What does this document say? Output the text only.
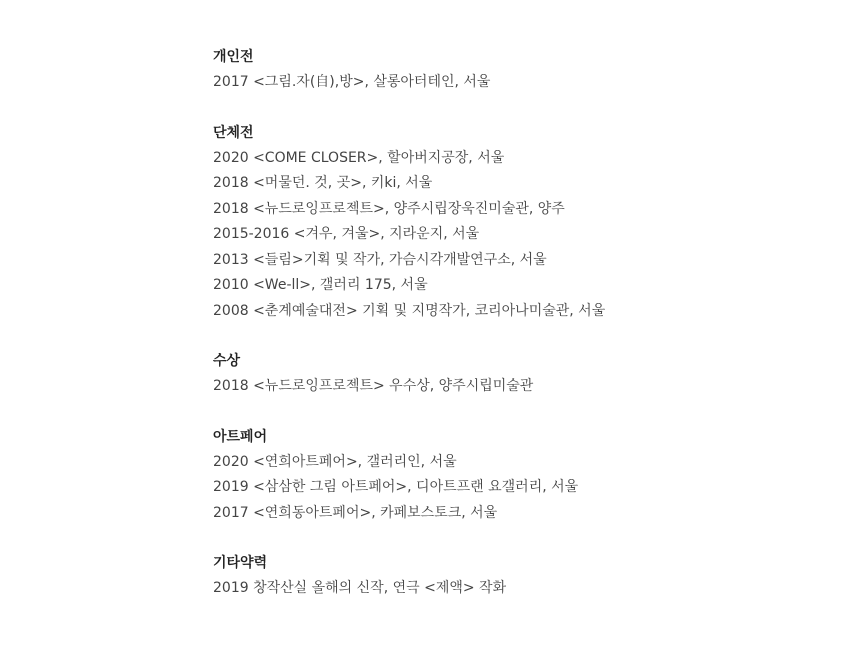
개인전

2017 <그림.자(自),방>, 살롱아터테인, 서울

단체전

2020 <COME CLOSER>, 할아버지공장, 서울

2018 <머물던. 것, 곳>, 키ki, 서울

2018 <뉴드로잉프로젝트>, 양주시립장욱진미술관, 양주

2015-2016 <겨우, 겨울>, 지라운지, 서울

2013 <들림>기획 및 작가, 가슴시각개발연구소, 서울

2010 <We-ll>, 갤러리 175, 서울

2008 <춘계예술대전> 기획 및 지명작가, 코리아나미술관, 서울

수상

2018 <뉴드로잉프로젝트> 우수상, 양주시립미술관

아트페어

2020 <연희아트페어>, 갤러리인, 서울

2019 <삼삼한 그림 아트페어>, 디아트프랜 요갤러리, 서울

2017 <연희동아트페어>, 카페보스토크, 서울

기타약력

2019 창작산실 올해의 신작, 연극 <제액> 작화
